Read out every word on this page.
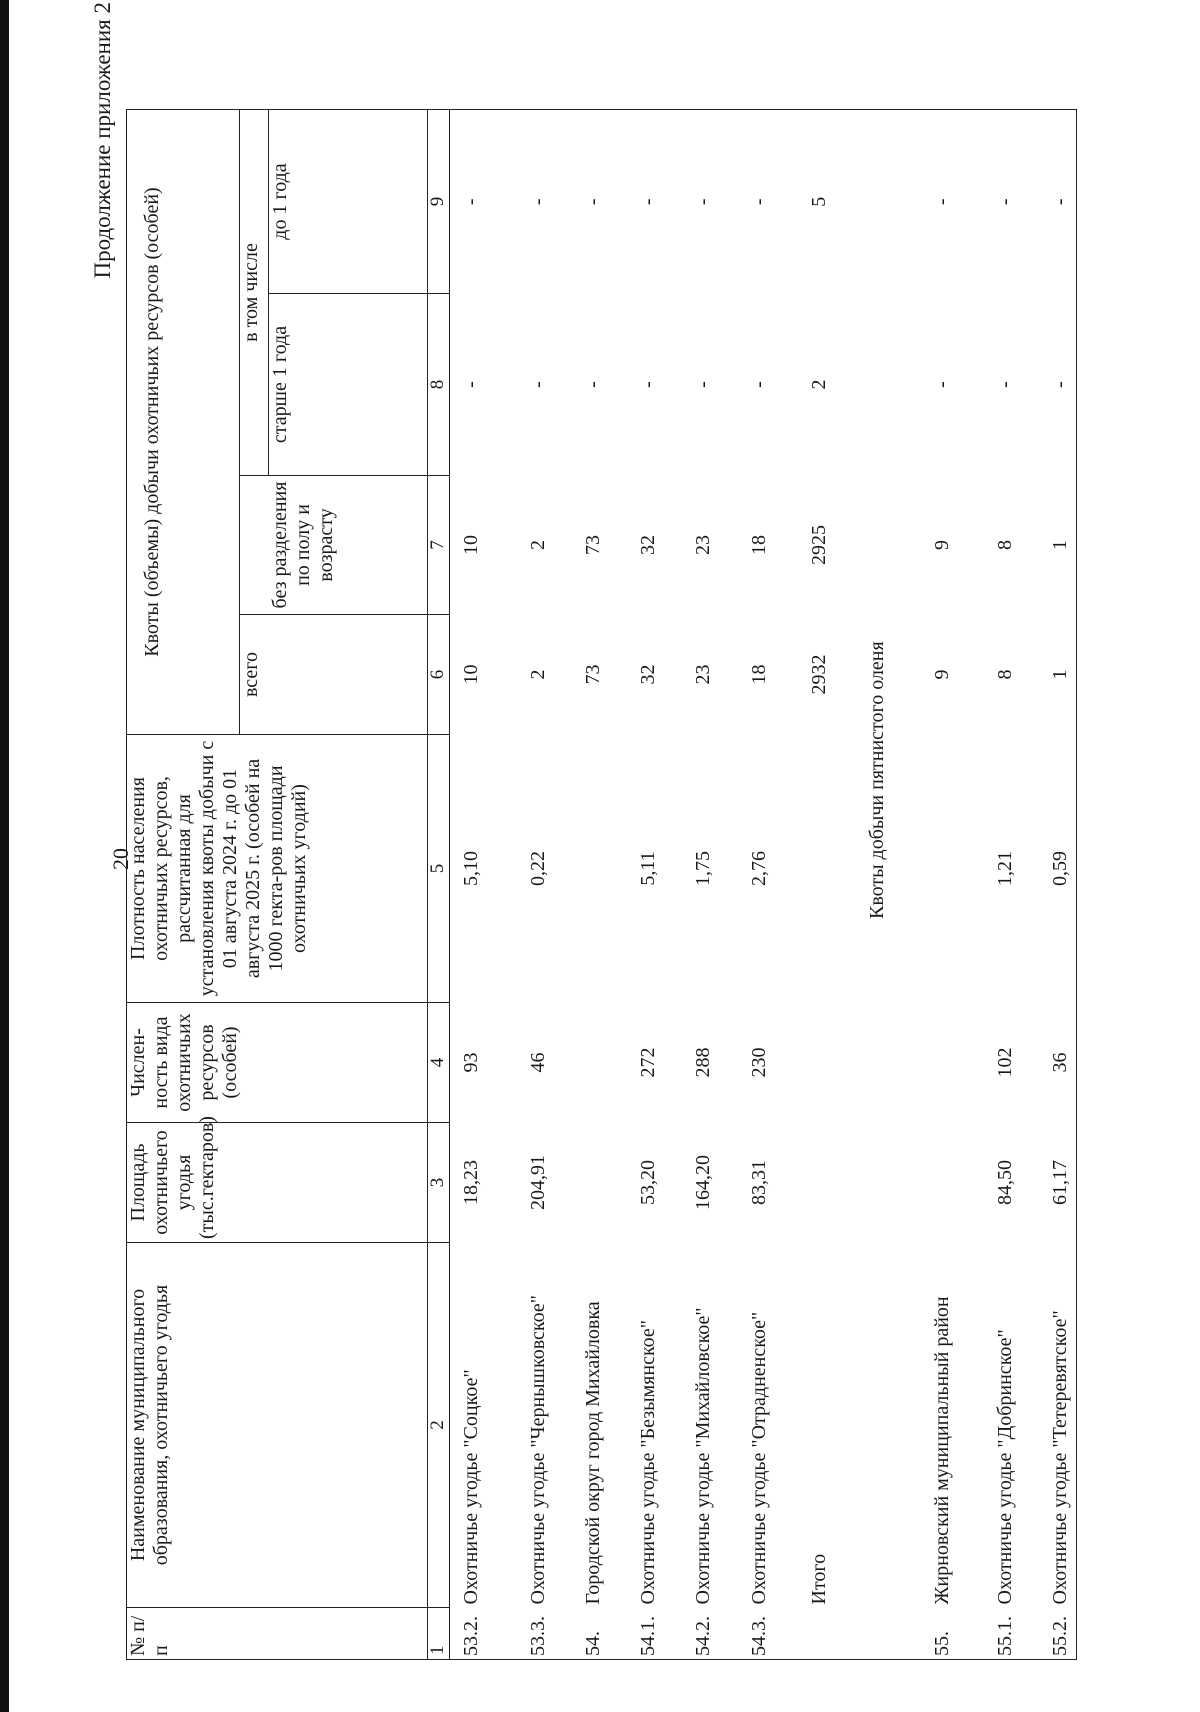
20
Продолжение приложения 2
№ п/п	Наименование муниципального образования, охотничьего угодья	Площадь охотничьего угодья (тыс.гектаров)	Числен-ность вида охотничьих ресурсов (особей)	Плотность населения охотничьих ресурсов, рассчитанная для установления квоты добычи с 01 августа 2024 г. до 01 августа 2025 г. (особей на 1000 гекта-ров площади охотничьих угодий)	Квоты (объемы) добычи охотничьих ресурсов (особей)			
					всего		в том числе	
						без разделения по полу и возрасту	старше 1 года	до 1 года
1	2	3	4	5	6	7	8	9
53.2.	Охотничье угодье "Соцкое"	18,23	93	5,10	10	10	-	-
53.3.	Охотничье угодье "Чернышковское"	204,91	46	0,22	2	2	-	-
54.	Городской округ город Михайловка				73	73	-	-
54.1.	Охотничье угодье "Безымянское"	53,20	272	5,11	32	32	-	-
54.2.	Охотничье угодье "Михайловское"	164,20	288	1,75	23	23	-	-
54.3.	Охотничье угодье "Отрадненское"	83,31	230	2,76	18	18	-	-
	Итого				2932	2925	2	5
Квоты добычи пятнистого оленя								
55.	Жирновский муниципальный район				9	9	-	-
55.1.	Охотничье угодье "Добринское"	84,50	102	1,21	8	8	-	-
55.2.	Охотничье угодье "Тетеревятское"	61,17	36	0,59	1	1	-	-
